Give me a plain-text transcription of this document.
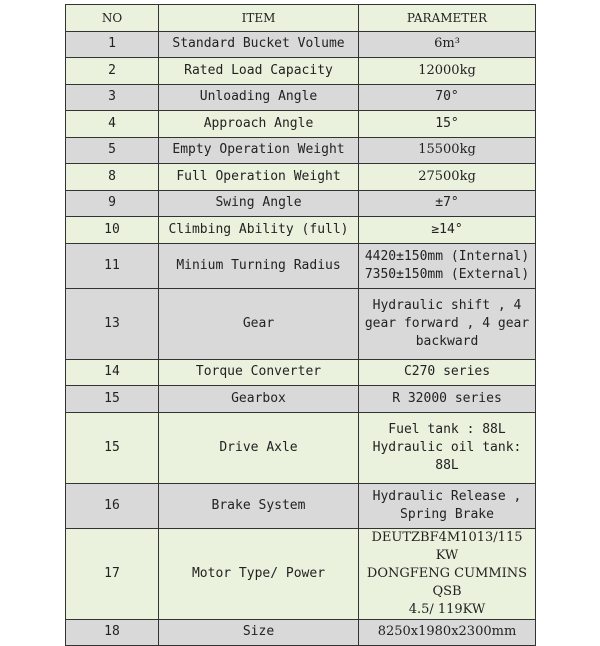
NO	ITEM	PARAMETER
1	Standard Bucket Volume	6m³
2	Rated Load Capacity	12000kg
3	Unloading Angle	70°
4	Approach Angle	15°
5	Empty Operation Weight	15500kg
8	Full Operation Weight	27500kg
9	Swing Angle	±7°
10	Climbing Ability (full)	≥14°
11	Minium Turning Radius	4420±150mm (Internal)
7350±150mm (External)
13	Gear	Hydraulic shift , 4
gear forward , 4 gear
backward
14	Torque Converter	C270 series
15	Gearbox	R 32000 series
15	Drive Axle	Fuel tank : 88L
Hydraulic oil tank:
88L
16	Brake System	Hydraulic Release ,
Spring Brake
17	Motor Type/ Power	DEUTZBF4M1013/115 KW
DONGFENG CUMMINS QSB
4.5/ 119KW
18	Size	8250x1980x2300mm
